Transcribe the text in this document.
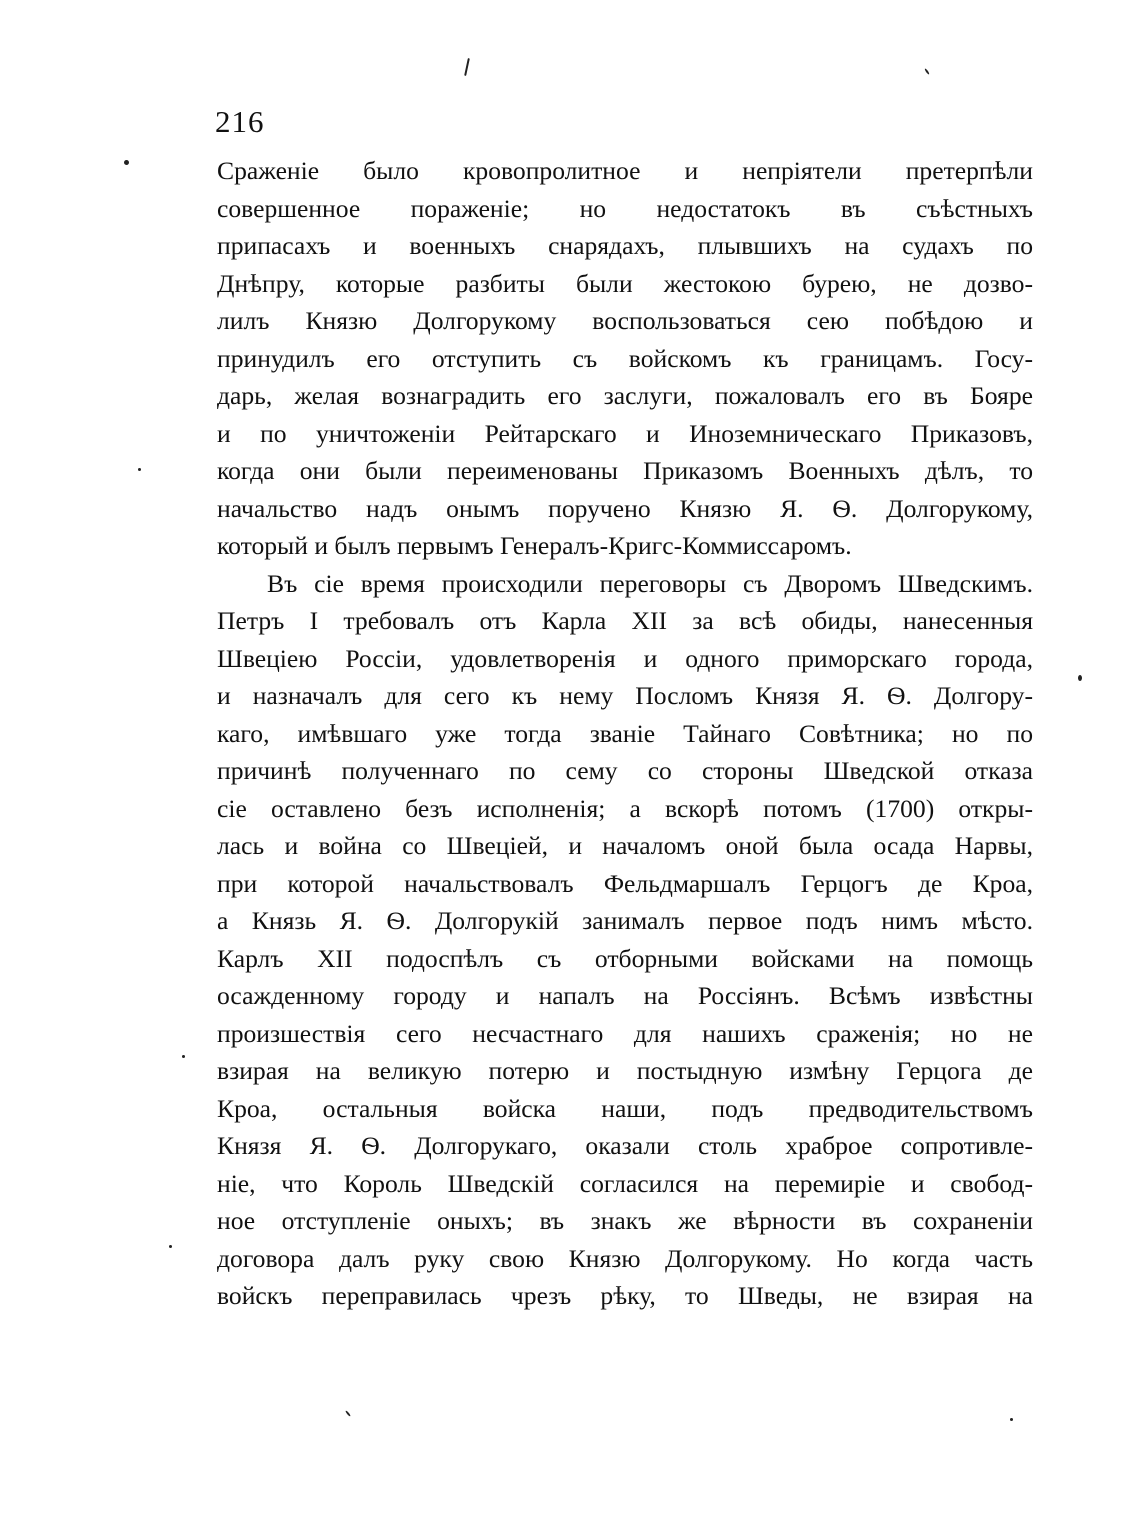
216
Сраженіе было кровопролитное и непріятели претерпѣли
совершенное пораженіе; но недостатокъ въ съѣстныхъ
припасахъ и военныхъ снарядахъ, плывшихъ на судахъ по
Днѣпру, которые разбиты были жестокою бурею, не дозво-
лилъ Князю Долгорукому воспользоваться сею побѣдою и
принудилъ его отступить съ войскомъ къ границамъ. Госу-
дарь, желая вознаградить его заслуги, пожаловалъ его въ Бояре
и по уничтоженіи Рейтарскаго и Иноземническаго Приказовъ,
когда они были переименованы Приказомъ Военныхъ дѣлъ, то
начальство надъ онымъ поручено Князю Я. Ѳ. Долгорукому,
который и былъ первымъ Генералъ-Кригс-Коммиссаромъ.
Въ сіе время происходили переговоры съ Дворомъ Шведскимъ.
Петръ I требовалъ отъ Карла XII за всѣ обиды, нанесенныя
Швеціею Россіи, удовлетворенія и одного приморскаго города,
и назначалъ для сего къ нему Посломъ Князя Я. Ѳ. Долгору-
каго, имѣвшаго уже тогда званіе Тайнаго Совѣтника; но по
причинѣ полученнаго по сему со стороны Шведской отказа
сіе оставлено безъ исполненія; а вскорѣ потомъ (1700) откры-
лась и война со Швеціей, и началомъ оной была осада Нарвы,
при которой начальствовалъ Фельдмаршалъ Герцогъ де Кроа,
а Князь Я. Ѳ. Долгорукій занималъ первое подъ нимъ мѣсто.
Карлъ XII подоспѣлъ съ отборными войсками на помощь
осажденному городу и напалъ на Россіянъ. Всѣмъ извѣстны
произшествія сего несчастнаго для нашихъ сраженія; но не
взирая на великую потерю и постыдную измѣну Герцога де
Кроа, остальныя войска наши, подъ предводительствомъ
Князя Я. Ѳ. Долгорукаго, оказали столь храброе сопротивле-
ніе, что Король Шведскій согласился на перемиріе и свобод-
ное отступленіе оныхъ; въ знакъ же вѣрности въ сохраненіи
договора далъ руку свою Князю Долгорукому. Но когда часть
войскъ переправилась чрезъ рѣку, то Шведы, не взирая на
